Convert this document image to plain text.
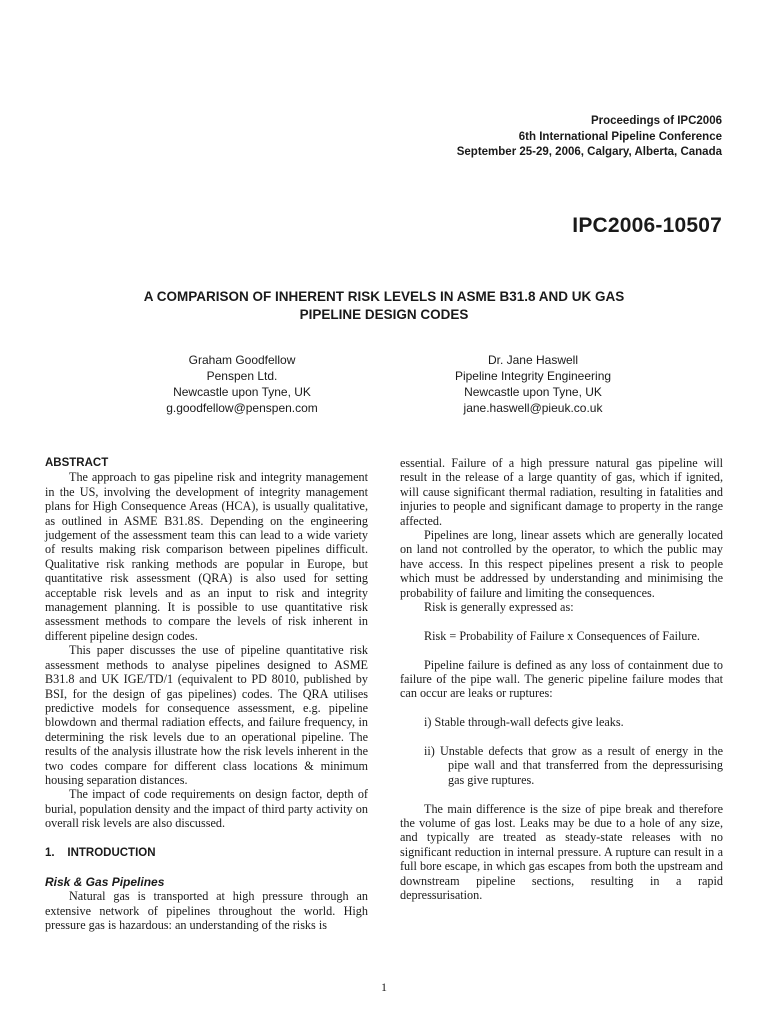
Proceedings of IPC2006
6th International Pipeline Conference
September 25-29, 2006, Calgary, Alberta, Canada
IPC2006-10507
A COMPARISON OF INHERENT RISK LEVELS IN ASME B31.8 AND UK GAS
PIPELINE DESIGN CODES
Graham Goodfellow
Penspen Ltd.
Newcastle upon Tyne, UK
g.goodfellow@penspen.com
Dr. Jane Haswell
Pipeline Integrity Engineering
Newcastle upon Tyne, UK
jane.haswell@pieuk.co.uk

ABSTRACT

The approach to gas pipeline risk and integrity management in the US, involving the development of integrity management plans for High Consequence Areas (HCA), is usually qualitative, as outlined in ASME B31.8S. Depending on the engineering judgement of the assessment team this can lead to a wide variety of results making risk comparison between pipelines difficult. Qualitative risk ranking methods are popular in Europe, but quantitative risk assessment (QRA) is also used for setting acceptable risk levels and as an input to risk and integrity management planning. It is possible to use quantitative risk assessment methods to compare the levels of risk inherent in different pipeline design codes.

This paper discusses the use of pipeline quantitative risk assessment methods to analyse pipelines designed to ASME B31.8 and UK IGE/TD/1 (equivalent to PD 8010, published by BSI, for the design of gas pipelines) codes. The QRA utilises predictive models for consequence assessment, e.g. pipeline blowdown and thermal radiation effects, and failure frequency, in determining the risk levels due to an operational pipeline. The results of the analysis illustrate how the risk levels inherent in the two codes compare for different class locations & minimum housing separation distances.

The impact of code requirements on design factor, depth of burial, population density and the impact of third party activity on overall risk levels are also discussed.

1.    INTRODUCTION

Risk & Gas Pipelines

Natural gas is transported at high pressure through an extensive network of pipelines throughout the world. High pressure gas is hazardous: an understanding of the risks is

essential. Failure of a high pressure natural gas pipeline will result in the release of a large quantity of gas, which if ignited, will cause significant thermal radiation, resulting in fatalities and injuries to people and significant damage to property in the range affected.

Pipelines are long, linear assets which are generally located on land not controlled by the operator, to which the public may have access. In this respect pipelines present a risk to people which must be addressed by understanding and minimising the probability of failure and limiting the consequences.

Risk is generally expressed as:

Risk = Probability of Failure x Consequences of Failure.

Pipeline failure is defined as any loss of containment due to failure of the pipe wall. The generic pipeline failure modes that can occur are leaks or ruptures:

i) Stable through-wall defects give leaks.

ii) Unstable defects that grow as a result of energy in the pipe wall and that transferred from the depressurising gas give ruptures.

The main difference is the size of pipe break and therefore the volume of gas lost. Leaks may be due to a hole of any size, and typically are treated as steady-state releases with no significant reduction in internal pressure. A rupture can result in a full bore escape, in which gas escapes from both the upstream and downstream pipeline sections, resulting in a rapid depressurisation.

1
